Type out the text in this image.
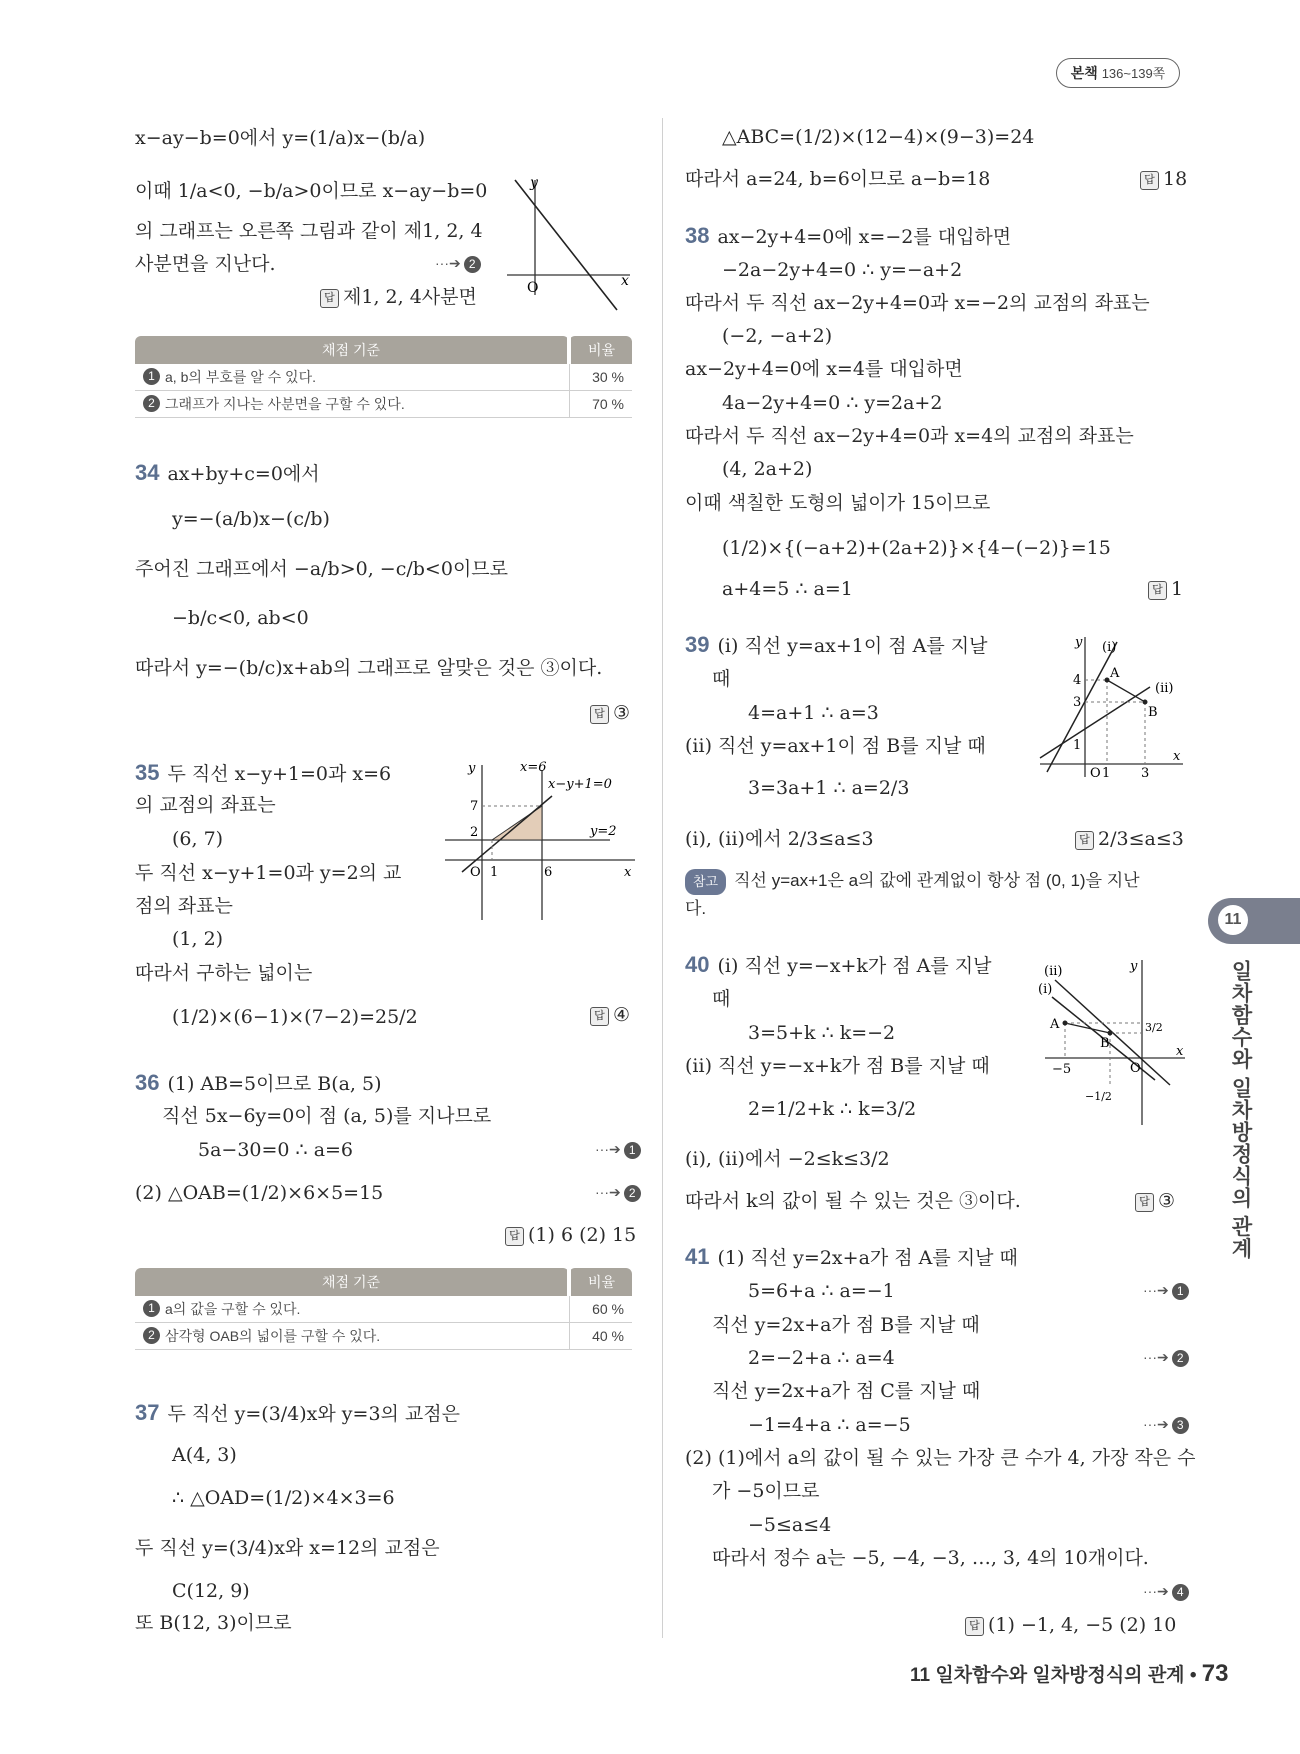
본책 136~139쪽
x−ay−b=0에서 y=(1/a)x−(b/a)
이때 1/a<0, −b/a>0이므로 x−ay−b=0
의 그래프는 오른쪽 그림과 같이 제1, 2, 4
사분면을 지난다.	···➔ 2
답 제1, 2, 4사분면
y
x
O
채점 기준	비율

1 a, b의 부호를 알 수 있다.	30 %

2 그래프가 지나는 사분면을 구할 수 있다.	70 %
34 ax+by+c=0에서
y=−(a/b)x−(c/b)
주어진 그래프에서 −a/b>0, −c/b<0이므로
−b/c<0, ab<0
따라서 y=−(b/c)x+ab의 그래프로 알맞은 것은 ③이다.
답 ③
35 두 직선 x−y+1=0과 x=6
의 교점의 좌표는
(6, 7)
두 직선 x−y+1=0과 y=2의 교
점의 좌표는
(1, 2)
따라서 구하는 넓이는
(1/2)×(6−1)×(7−2)=25/2	답 ④
y
x
O
x=6
x−y+1=0
y=2
7
2
1	6
36 (1) AB=5이므로 B(a, 5)
직선 5x−6y=0이 점 (a, 5)를 지나므로
5a−30=0 ∴ a=6	···➔ 1
(2) △OAB=(1/2)×6×5=15	···➔ 2
답 (1) 6 (2) 15
채점 기준	비율

1 a의 값을 구할 수 있다.	60 %

2 삼각형 OAB의 넓이를 구할 수 있다.	40 %
37 두 직선 y=(3/4)x와 y=3의 교점은
A(4, 3)
∴ △OAD=(1/2)×4×3=6
두 직선 y=(3/4)x와 x=12의 교점은
C(12, 9)
또 B(12, 3)이므로
△ABC=(1/2)×(12−4)×(9−3)=24
따라서 a=24, b=6이므로 a−b=18	답 18
38 ax−2y+4=0에 x=−2를 대입하면
−2a−2y+4=0 ∴ y=−a+2
따라서 두 직선 ax−2y+4=0과 x=−2의 교점의 좌표는
(−2, −a+2)
ax−2y+4=0에 x=4를 대입하면
4a−2y+4=0 ∴ y=2a+2
따라서 두 직선 ax−2y+4=0과 x=4의 교점의 좌표는
(4, 2a+2)
이때 색칠한 도형의 넓이가 15이므로
(1/2)×{(−a+2)+(2a+2)}×{4−(−2)}=15
a+4=5 ∴ a=1	답 1
39 (i) 직선 y=ax+1이 점 A를 지날
때
4=a+1 ∴ a=3
(ii) 직선 y=ax+1이 점 B를 지날 때
3=3a+1 ∴ a=2/3
(i), (ii)에서 2/3≤a≤3	답 2/3≤a≤3
참고 직선 y=ax+1은 a의 값에 관계없이 항상 점 (0, 1)을 지난
다.
y
x
O
(i)
(ii)
A
B
4
3
1
1 3
11
일차함수와 일차방정식의 관계
40 (i) 직선 y=−x+k가 점 A를 지날
때
3=5+k ∴ k=−2
(ii) 직선 y=−x+k가 점 B를 지날 때
2=1/2+k ∴ k=3/2
(i), (ii)에서 −2≤k≤3/2
따라서 k의 값이 될 수 있는 것은 ③이다.	답 ③
y
x
O
(ii)
(i)
A
B
−5
3/2
−1/2
41 (1) 직선 y=2x+a가 점 A를 지날 때
5=6+a ∴ a=−1	···➔ 1
직선 y=2x+a가 점 B를 지날 때
2=−2+a ∴ a=4	···➔ 2
직선 y=2x+a가 점 C를 지날 때
−1=4+a ∴ a=−5	···➔ 3
(2) (1)에서 a의 값이 될 수 있는 가장 큰 수가 4, 가장 작은 수
가 −5이므로
−5≤a≤4
따라서 정수 a는 −5, −4, −3, …, 3, 4의 10개이다.
···➔ 4
답 (1) −1, 4, −5 (2) 10
11 일차함수와 일차방정식의 관계 • 73
